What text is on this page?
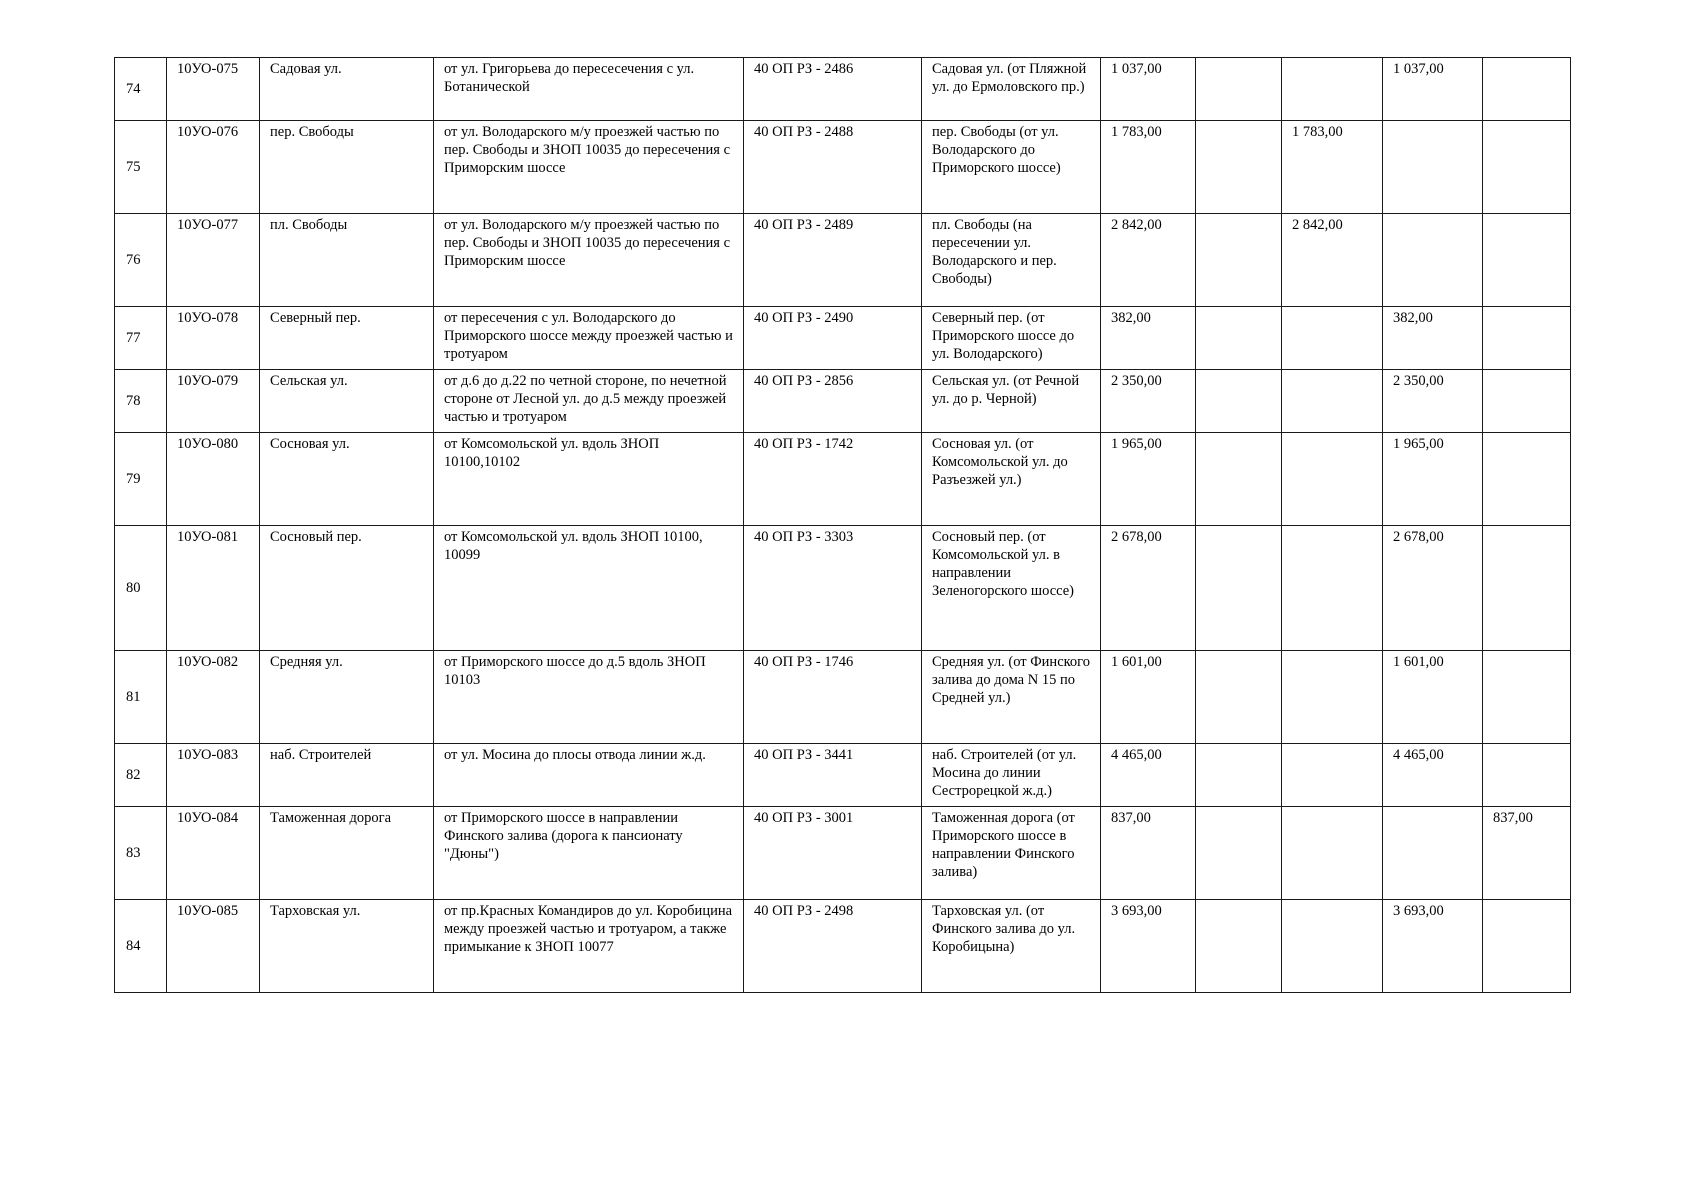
74	10УО-075	Садовая ул.	от ул. Григорьева до пересесечения с ул. Ботанической	40 ОП РЗ - 2486	Садовая ул. (от Пляжной ул. до Ермоловского пр.)	1 037,00			1 037,00	
75	10УО-076	пер. Свободы	от ул. Володарского м/у проезжей частью по пер. Свободы и ЗНОП 10035 до пересечения с Приморским шоссе	40 ОП РЗ - 2488	пер. Свободы (от ул. Володарского до Приморского шоссе)	1 783,00		1 783,00		
76	10УО-077	пл. Свободы	от ул. Володарского м/у проезжей частью по пер. Свободы и ЗНОП 10035 до пересечения с Приморским шоссе	40 ОП РЗ - 2489	пл. Свободы (на пересечении ул. Володарского и пер. Свободы)	2 842,00		2 842,00		
77	10УО-078	Северный пер.	от пересечения с ул. Володарского до Приморского шоссе между проезжей частью и тротуаром	40 ОП РЗ - 2490	Северный пер. (от Приморского шоссе до ул. Володарского)	382,00			382,00	
78	10УО-079	Сельская ул.	от д.6 до д.22 по четной стороне, по нечетной стороне от Лесной ул. до д.5 между проезжей частью и тротуаром	40 ОП РЗ - 2856	Сельская ул. (от Речной ул. до р. Черной)	2 350,00			2 350,00	
79	10УО-080	Сосновая ул.	от Комсомольской ул. вдоль ЗНОП 10100,10102	40 ОП РЗ - 1742	Сосновая ул. (от Комсомольской ул. до Разъезжей ул.)	1 965,00			1 965,00	
80	10УО-081	Сосновый пер.	от Комсомольской ул. вдоль ЗНОП 10100, 10099	40 ОП РЗ - 3303	Сосновый пер. (от Комсомольской ул. в направлении Зеленогорского шоссе)	2 678,00			2 678,00	
81	10УО-082	Средняя ул.	от Приморского шоссе до д.5 вдоль ЗНОП 10103	40 ОП РЗ - 1746	Средняя ул. (от Финского залива до дома N 15 по Средней ул.)	1 601,00			1 601,00	
82	10УО-083	наб. Строителей	от ул. Мосина до плосы отвода линии ж.д.	40 ОП РЗ - 3441	наб. Строителей (от ул. Мосина до линии Сестрорецкой ж.д.)	4 465,00			4 465,00	
83	10УО-084	Таможенная дорога	от Приморского шоссе в направлении Финского залива (дорога к пансионату "Дюны")	40 ОП РЗ - 3001	Таможенная дорога (от Приморского шоссе в направлении Финского залива)	837,00				837,00
84	10УО-085	Тарховская ул.	от пр.Красных Командиров до ул. Коробицина между проезжей частью и тротуаром, а также примыкание к ЗНОП 10077	40 ОП РЗ - 2498	Тарховская ул. (от Финского залива до ул. Коробицына)	3 693,00			3 693,00	
